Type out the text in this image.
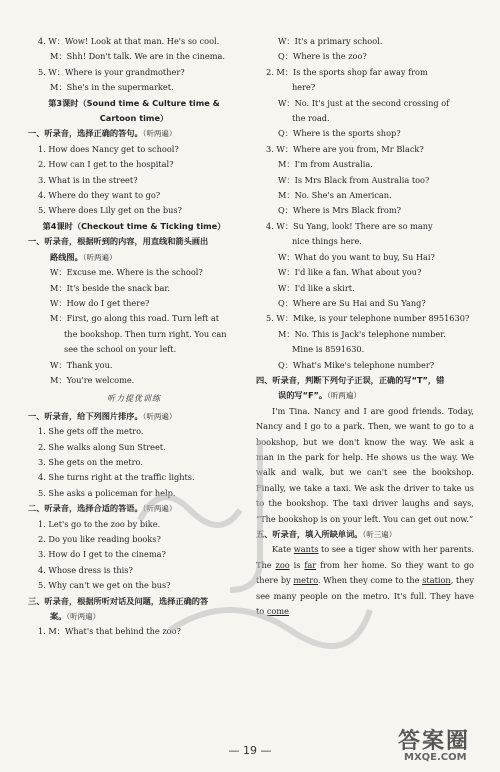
4. W：Wow! Look at that man. He's so cool.
M：Shh! Don't talk. We are in the cinema.
5. W：Where is your grandmother?
M：She's in the supermarket.
第3课时（Sound time & Culture time &
Cartoon time）
一、听录音，选择正确的答句。（听两遍）
1. How does Nancy get to school?
2. How can I get to the hospital?
3. What is in the street?
4. Where do they want to go?
5. Where does Lily get on the bus?
第4课时（Checkout time & Ticking time）
一、听录音，根据听到的内容，用直线和箭头画出
路线图。（听两遍）
W：Excuse me. Where is the school?
M：It's beside the snack bar.
W：How do I get there?
M：First, go along this road. Turn left at
the bookshop. Then turn right. You can
see the school on your left.
W：Thank you.
M：You're welcome.
听力提优训练
一、听录音，给下列图片排序。（听两遍）
1. She gets off the metro.
2. She walks along Sun Street.
3. She gets on the metro.
4. She turns right at the traffic lights.
5. She asks a policeman for help.
二、听录音，选择合适的答语。（听两遍）
1. Let's go to the zoo by bike.
2. Do you like reading books?
3. How do I get to the cinema?
4. Whose dress is this?
5. Why can't we get on the bus?
三、听录音，根据所听对话及问题，选择正确的答
案。（听两遍）
1. M：What's that behind the zoo?
W：It's a primary school.
Q：Where is the zoo?
2. M：Is the sports shop far away from
here?
W：No. It's just at the second crossing of
the road.
Q：Where is the sports shop?
3. W：Where are you from, Mr Black?
M：I'm from Australia.
W：Is Mrs Black from Australia too?
M：No. She's an American.
Q：Where is Mrs Black from?
4. W：Su Yang, look! There are so many
nice things here.
W：What do you want to buy, Su Hai?
W：I'd like a fan. What about you?
W：I'd like a skirt.
Q：Where are Su Hai and Su Yang?
5. W：Mike, is your telephone number 8951630?
M：No. This is Jack's telephone number.
Mine is 8591630.
Q：What's Mike's telephone number?
四、听录音，判断下列句子正误，正确的写“T”，错
误的写“F”。（听两遍）
I'm Tina. Nancy and I are good friends. Today, Nancy and I go to a park. Then, we want to go to a bookshop, but we don't know the way. We ask a man in the park for help. He shows us the way. We walk and walk, but we can't see the bookshop. Finally, we take a taxi. We ask the driver to take us to the bookshop. The taxi driver laughs and says, “The bookshop is on your left. You can get out now.”
五、听录音，填入所缺单词。（听三遍）
Kate wants to see a tiger show with her parents. The zoo is far from her home. So they want to go there by metro. When they come to the station, they see many people on the metro. It's full. They have to come
— 19 —	答案圈
MXQE.COM
